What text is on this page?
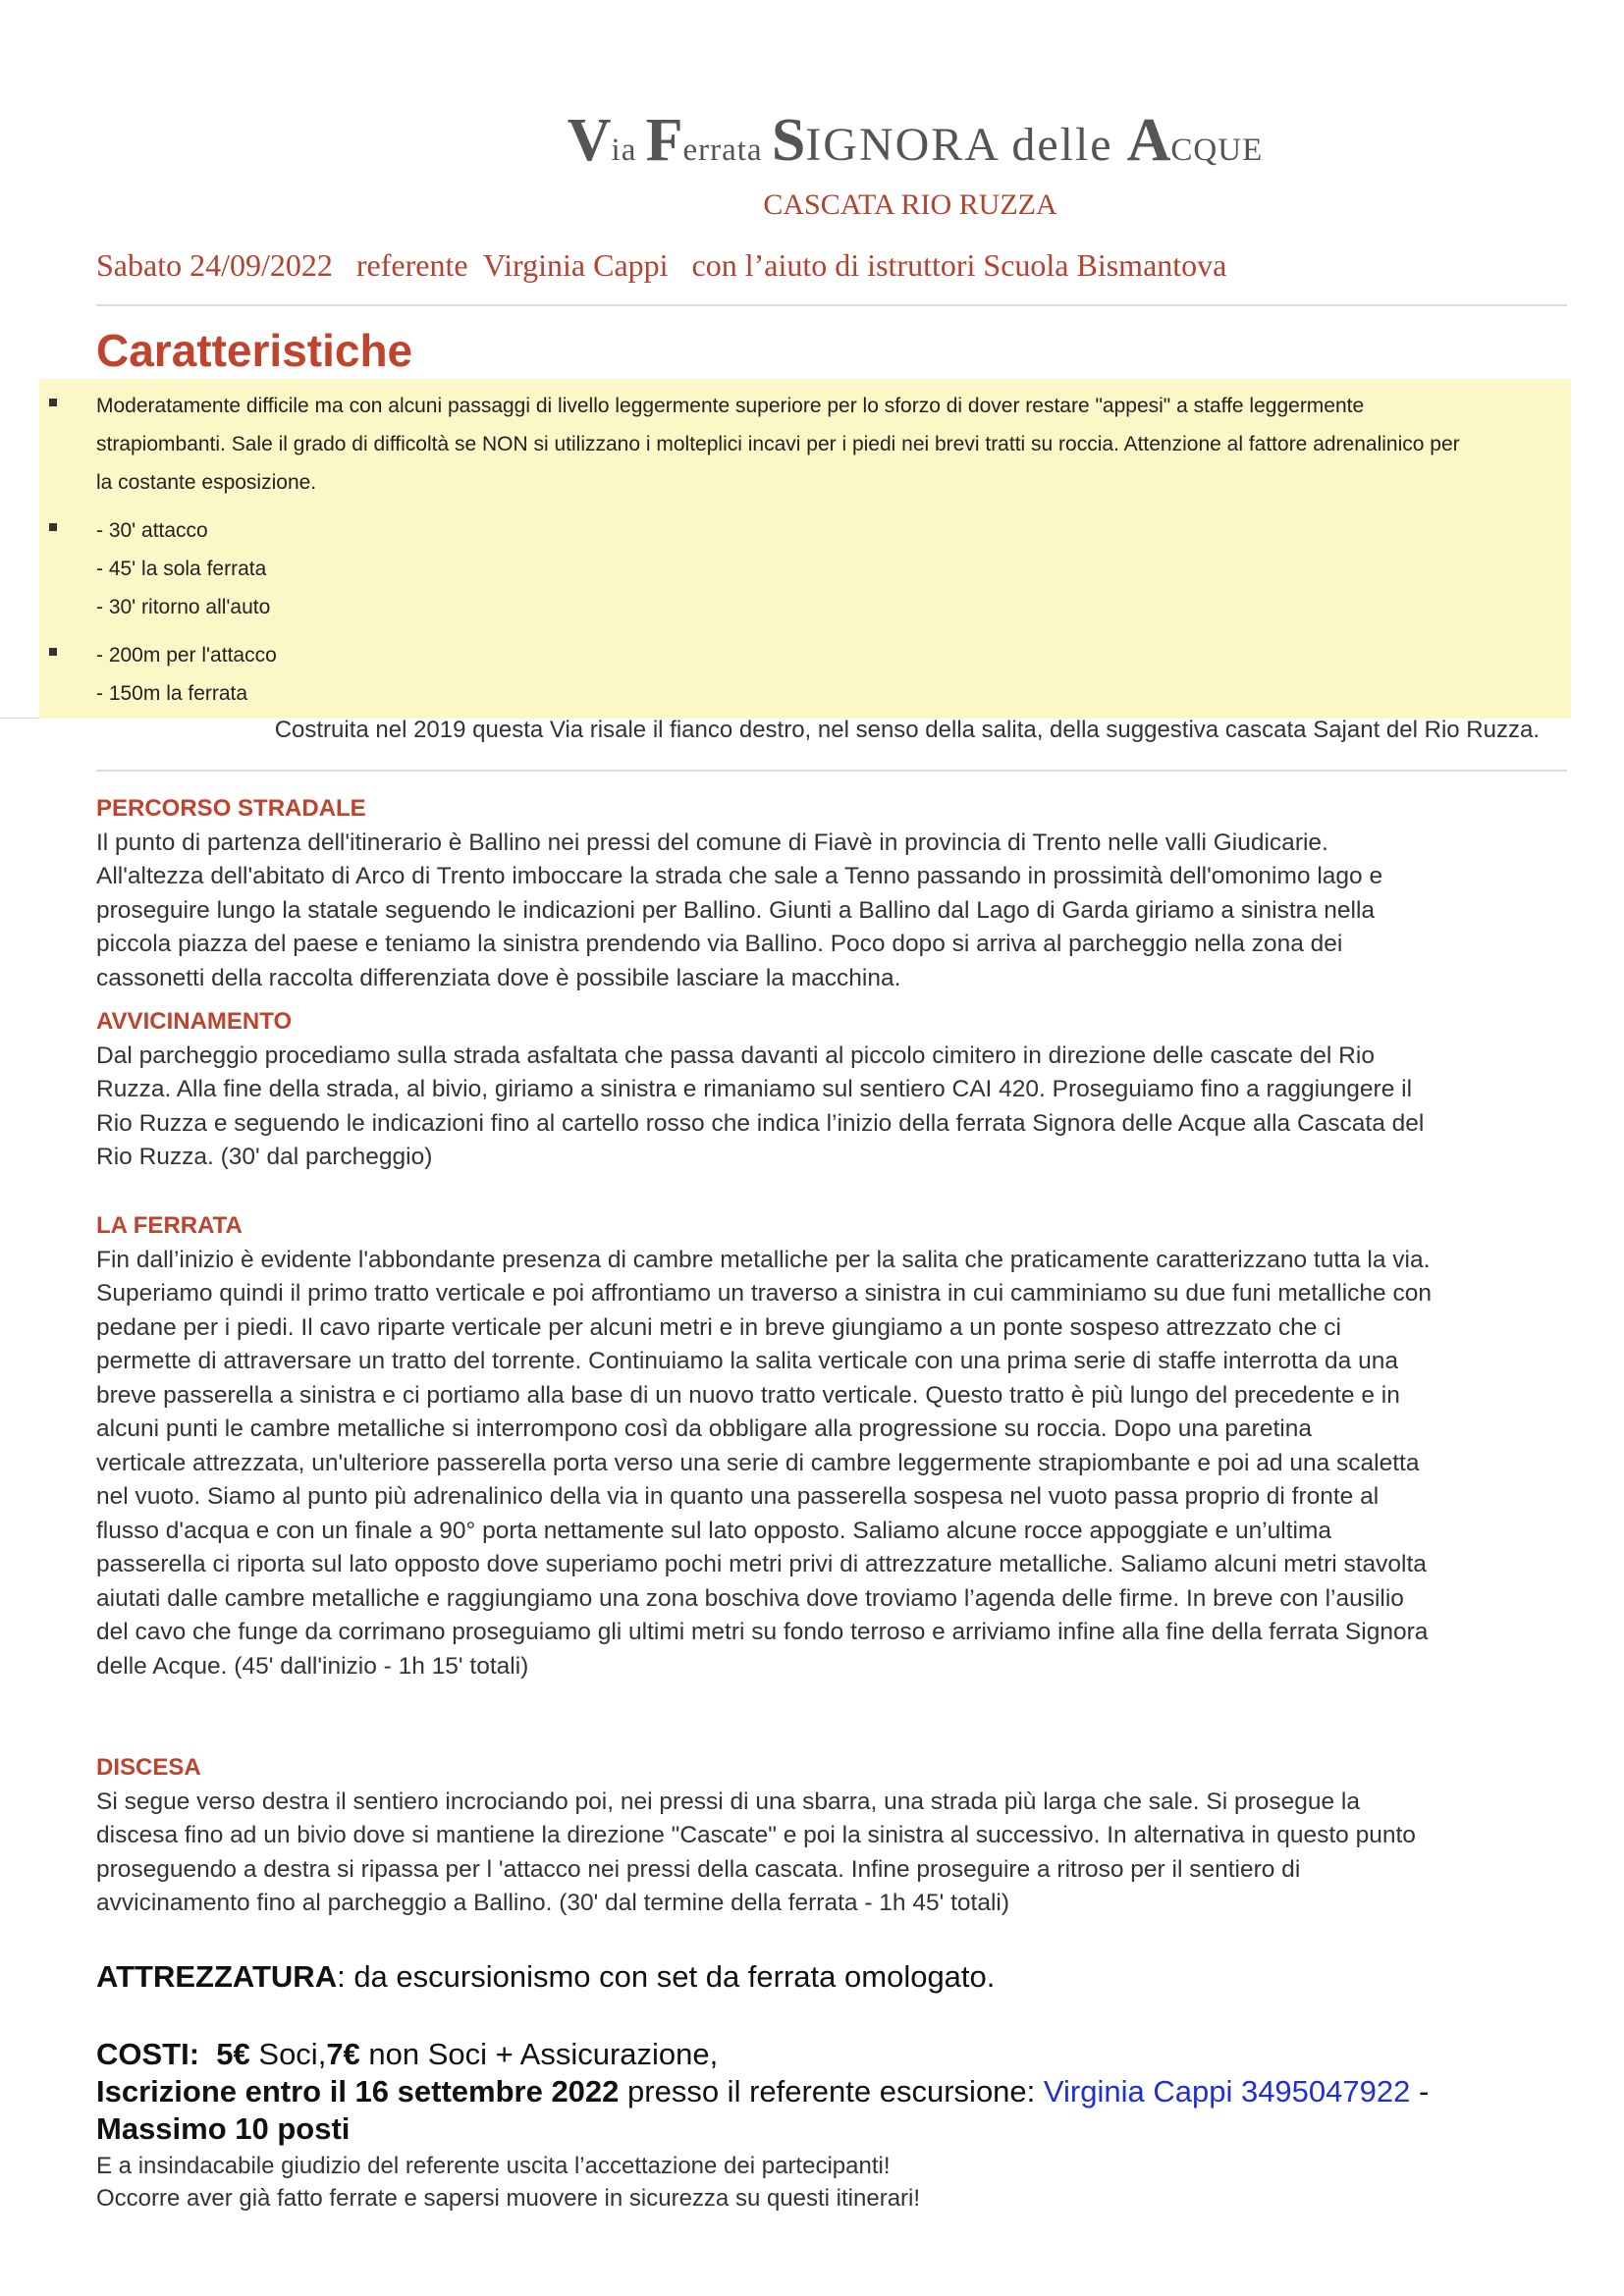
Via Ferrata SIGNORA delle ACQUE
CASCATA RIO RUZZA
Sabato 24/09/2022   referente  Virginia Cappi   con l’aiuto di istruttori Scuola Bismantova
Caratteristiche
Moderatamente difficile ma con alcuni passaggi di livello leggermente superiore per lo sforzo di dover restare "appesi" a staffe leggermente
strapiombanti. Sale il grado di difficoltà se NON si utilizzano i molteplici incavi per i piedi nei brevi tratti su roccia. Attenzione al fattore adrenalinico per
la costante esposizione.
- 30' attacco
- 45' la sola ferrata
- 30' ritorno all'auto
- 200m per l'attacco
- 150m la ferrata
Costruita nel 2019 questa Via risale il fianco destro, nel senso della salita, della suggestiva cascata Sajant del Rio Ruzza.
PERCORSO STRADALE
Il punto di partenza dell'itinerario è Ballino nei pressi del comune di Fiavè in provincia di Trento nelle valli Giudicarie.
All'altezza dell'abitato di Arco di Trento imboccare la strada che sale a Tenno passando in prossimità dell'omonimo lago e
proseguire lungo la statale seguendo le indicazioni per Ballino. Giunti a Ballino dal Lago di Garda giriamo a sinistra nella
piccola piazza del paese e teniamo la sinistra prendendo via Ballino. Poco dopo si arriva al parcheggio nella zona dei
cassonetti della raccolta differenziata dove è possibile lasciare la macchina.
AVVICINAMENTO
Dal parcheggio procediamo sulla strada asfaltata che passa davanti al piccolo cimitero in direzione delle cascate del Rio
Ruzza. Alla fine della strada, al bivio, giriamo a sinistra e rimaniamo sul sentiero CAI 420. Proseguiamo fino a raggiungere il
Rio Ruzza e seguendo le indicazioni fino al cartello rosso che indica l’inizio della ferrata Signora delle Acque alla Cascata del
Rio Ruzza. (30' dal parcheggio)
LA FERRATA
Fin dall’inizio è evidente l'abbondante presenza di cambre metalliche per la salita che praticamente caratterizzano tutta la via.
Superiamo quindi il primo tratto verticale e poi affrontiamo un traverso a sinistra in cui camminiamo su due funi metalliche con
pedane per i piedi. Il cavo riparte verticale per alcuni metri e in breve giungiamo a un ponte sospeso attrezzato che ci
permette di attraversare un tratto del torrente. Continuiamo la salita verticale con una prima serie di staffe interrotta da una
breve passerella a sinistra e ci portiamo alla base di un nuovo tratto verticale. Questo tratto è più lungo del precedente e in
alcuni punti le cambre metalliche si interrompono così da obbligare alla progressione su roccia. Dopo una paretina
verticale attrezzata, un'ulteriore passerella porta verso una serie di cambre leggermente strapiombante e poi ad una scaletta
nel vuoto. Siamo al punto più adrenalinico della via in quanto una passerella sospesa nel vuoto passa proprio di fronte al
flusso d'acqua e con un finale a 90° porta nettamente sul lato opposto. Saliamo alcune rocce appoggiate e un’ultima
passerella ci riporta sul lato opposto dove superiamo pochi metri privi di attrezzature metalliche. Saliamo alcuni metri stavolta
aiutati dalle cambre metalliche e raggiungiamo una zona boschiva dove troviamo l’agenda delle firme. In breve con l’ausilio
del cavo che funge da corrimano proseguiamo gli ultimi metri su fondo terroso e arriviamo infine alla fine della ferrata Signora
delle Acque. (45' dall'inizio - 1h 15' totali)
DISCESA
Si segue verso destra il sentiero incrociando poi, nei pressi di una sbarra, una strada più larga che sale. Si prosegue la
discesa fino ad un bivio dove si mantiene la direzione "Cascate" e poi la sinistra al successivo. In alternativa in questo punto
proseguendo a destra si ripassa per l 'attacco nei pressi della cascata. Infine proseguire a ritroso per il sentiero di
avvicinamento fino al parcheggio a Ballino. (30' dal termine della ferrata - 1h 45' totali)
ATTREZZATURA: da escursionismo con set da ferrata omologato.
COSTI: 5€ Soci,7€ non Soci + Assicurazione,
Iscrizione entro il 16 settembre 2022 presso il referente escursione: Virginia Cappi 3495047922 -
Massimo 10 posti
E a insindacabile giudizio del referente uscita l’accettazione dei partecipanti!
Occorre aver già fatto ferrate e sapersi muovere in sicurezza su questi itinerari!
